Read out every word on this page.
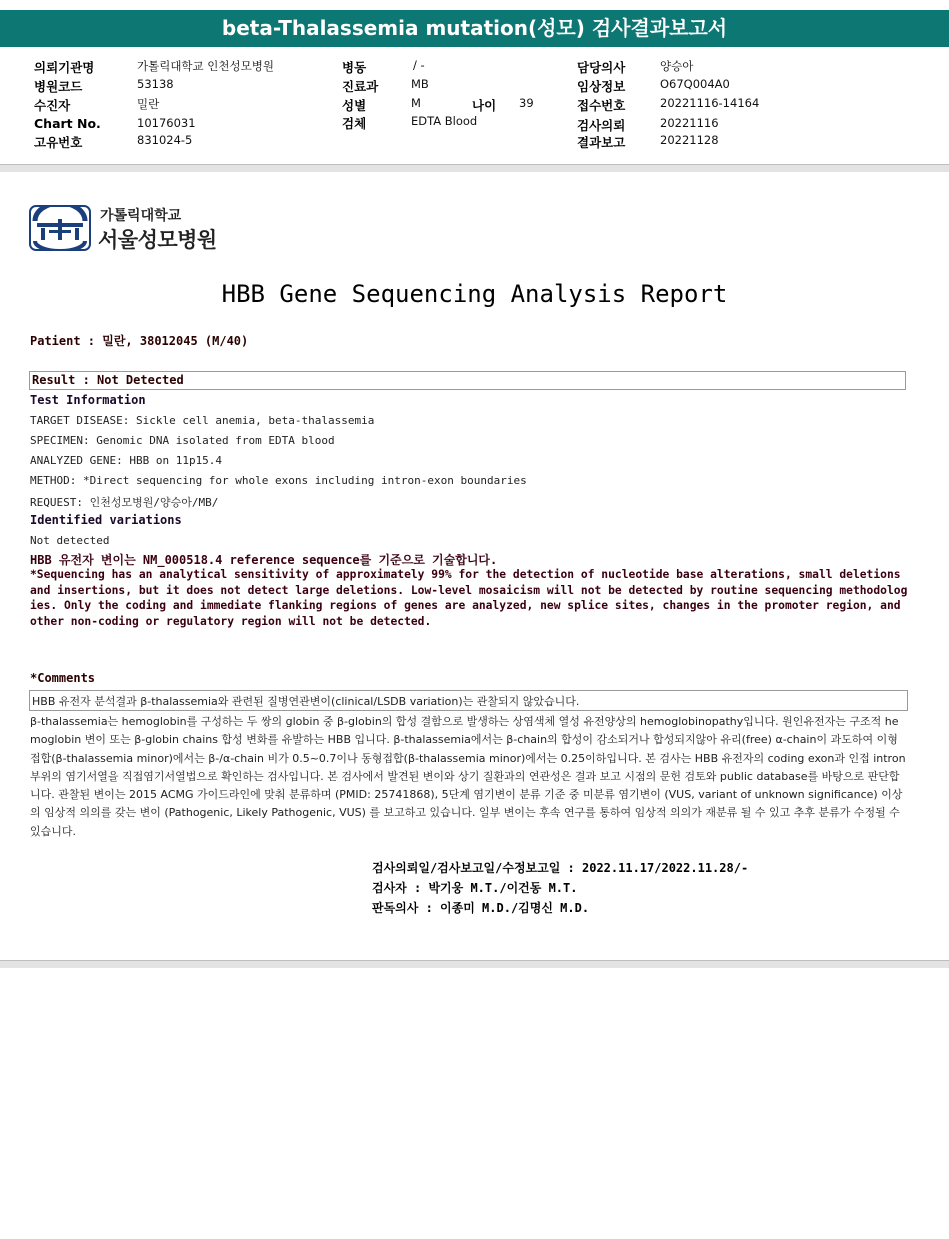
beta-Thalassemia mutation(성모) 검사결과보고서
의뢰기관명	가톨릭대학교 인천성모병원
병원코드	53138
수진자	밀란
Chart No.	10176031
고유번호	831024-5
병동	/ -
진료과	MB
성별	M	나이 39
검체	EDTA Blood
담당의사	양승아
임상정보	O67Q004A0
접수번호	20221116-14164
검사의뢰	20221116
결과보고	20221128
가톨릭대학교
서울성모병원
HBB Gene Sequencing Analysis Report
Patient : 밀란, 38012045 (M/40)
Result : Not Detected
Test Information
TARGET DISEASE: Sickle cell anemia, beta-thalassemia
SPECIMEN: Genomic DNA isolated from EDTA blood
ANALYZED GENE: HBB on 11p15.4
METHOD: *Direct sequencing for whole exons including intron-exon boundaries
REQUEST: 인천성모병원/양승아/MB/
Identified variations
Not detected
HBB 유전자 변이는 NM_000518.4 reference sequence를 기준으로 기술합니다.
*Sequencing has an analytical sensitivity of approximately 99% for the detection of nucleotide base alterations, small deletions and insertions, but it does not detect large deletions. Low-level mosaicism will not be detected by routine sequencing methodologies. Only the coding and immediate flanking regions of genes are analyzed, new splice sites, changes in the promoter region, and other non-coding or regulatory region will not be detected.
*Comments
HBB 유전자 분석결과 β-thalassemia와 관련된 질병연관변이(clinical/LSDB variation)는 관찰되지 않았습니다.
β-thalassemia는 hemoglobin를 구성하는 두 쌍의 globin 중 β-globin의 합성 결함으로 발생하는 상염색체 열성 유전양상의 hemoglobinopathy입니다. 원인유전자는 구조적 hemoglobin 변이 또는 β-globin chains 합성 변화를 유발하는 HBB 입니다. β-thalassemia에서는 β-chain의 합성이 감소되거나 합성되지않아 유리(free) α-chain이 과도하여 이형접합(β-thalassemia minor)에서는 β-/α-chain 비가 0.5~0.7이나 동형접합(β-thalassemia minor)에서는 0.25이하입니다. 본 검사는 HBB 유전자의 coding exon과 인접 intron 부위의 염기서열을 직접염기서열법으로 확인하는 검사입니다. 본 검사에서 발견된 변이와 상기 질환과의 연관성은 결과 보고 시점의 문헌 검토와 public database를 바탕으로 판단합니다. 관찰된 변이는 2015 ACMG 가이드라인에 맞춰 분류하며 (PMID: 25741868), 5단계 염기변이 분류 기준 중 미분류 염기변이 (VUS, variant of unknown significance) 이상의 임상적 의의를 갖는 변이 (Pathogenic, Likely Pathogenic, VUS) 를 보고하고 있습니다. 일부 변이는 후속 연구를 통하여 임상적 의의가 재분류 될 수 있고 추후 분류가 수정될 수 있습니다.
검사의뢰일/검사보고일/수정보고일 : 2022.11.17/2022.11.28/-
검사자 : 박기웅 M.T./이건동 M.T.
판독의사 : 이종미 M.D./김명신 M.D.
